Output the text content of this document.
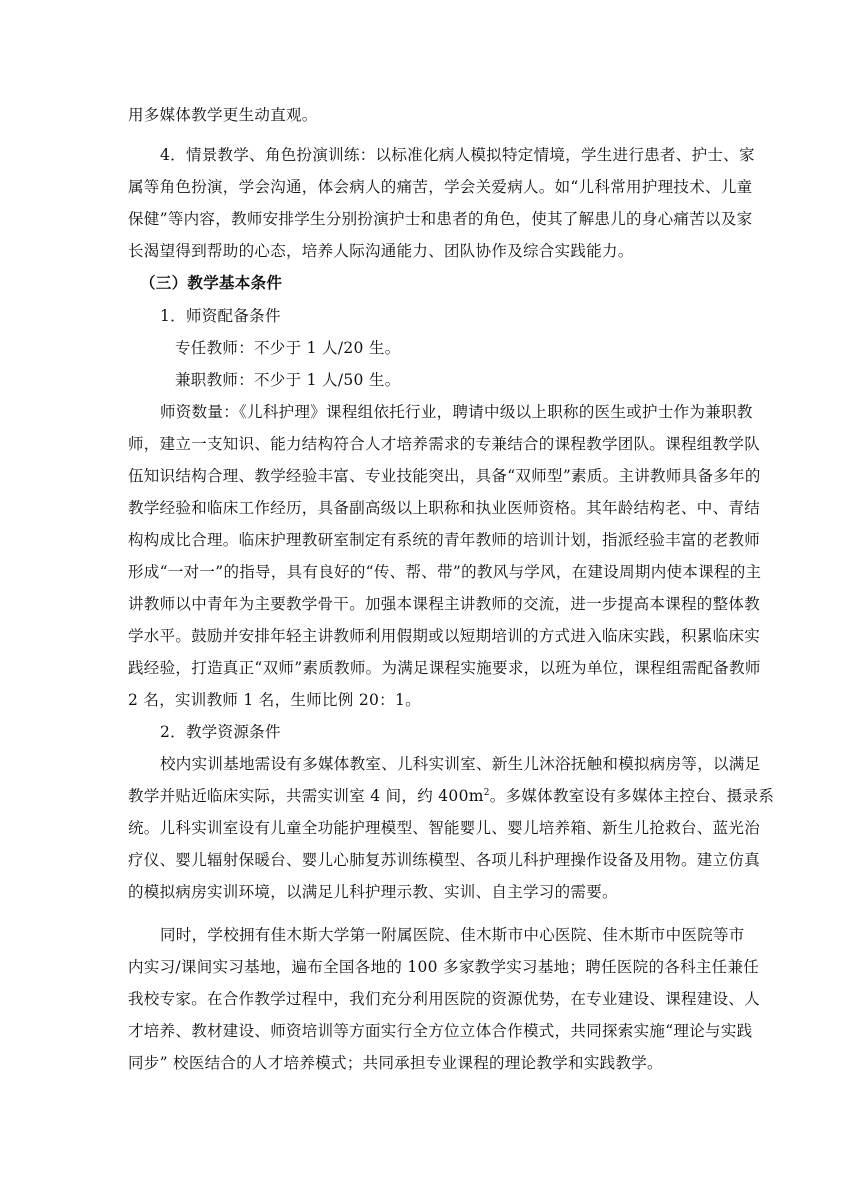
用多媒体教学更生动直观。
4．情景教学、角色扮演训练：以标准化病人模拟特定情境，学生进行患者、护士、家
属等角色扮演，学会沟通，体会病人的痛苦，学会关爱病人。如“儿科常用护理技术、儿童
保健”等内容，教师安排学生分别扮演护士和患者的角色，使其了解患儿的身心痛苦以及家
长渴望得到帮助的心态，培养人际沟通能力、团队协作及综合实践能力。
（三）教学基本条件
1．师资配备条件
专任教师：不少于 1 人/20 生。
兼职教师：不少于 1 人/50 生。
师资数量：《儿科护理》课程组依托行业，聘请中级以上职称的医生或护士作为兼职教
师，建立一支知识、能力结构符合人才培养需求的专兼结合的课程教学团队。课程组教学队
伍知识结构合理、教学经验丰富、专业技能突出，具备“双师型”素质。主讲教师具备多年的
教学经验和临床工作经历，具备副高级以上职称和执业医师资格。其年龄结构老、中、青结
构构成比合理。临床护理教研室制定有系统的青年教师的培训计划，指派经验丰富的老教师
形成“一对一”的指导，具有良好的“传、帮、带”的教风与学风，在建设周期内使本课程的主
讲教师以中青年为主要教学骨干。加强本课程主讲教师的交流，进一步提高本课程的整体教
学水平。鼓励并安排年轻主讲教师利用假期或以短期培训的方式进入临床实践，积累临床实
践经验，打造真正“双师”素质教师。为满足课程实施要求，以班为单位，课程组需配备教师
2 名，实训教师 1 名，生师比例 20：1。
2．教学资源条件
校内实训基地需设有多媒体教室、儿科实训室、新生儿沐浴抚触和模拟病房等，以满足
教学并贴近临床实际，共需实训室 4 间，约 $400m^2$。多媒体教室设有多媒体主控台、摄录系
统。儿科实训室设有儿童全功能护理模型、智能婴儿、婴儿培养箱、新生儿抢救台、蓝光治
疗仪、婴儿辐射保暖台、婴儿心肺复苏训练模型、各项儿科护理操作设备及用物。建立仿真
的模拟病房实训环境，以满足儿科护理示教、实训、自主学习的需要。
同时，学校拥有佳木斯大学第一附属医院、佳木斯市中心医院、佳木斯市中医院等市
内实习/课间实习基地，遍布全国各地的 100 多家教学实习基地；聘任医院的各科主任兼任
我校专家。在合作教学过程中，我们充分利用医院的资源优势，在专业建设、课程建设、人
才培养、教材建设、师资培训等方面实行全方位立体合作模式，共同探索实施“理论与实践
同步” 校医结合的人才培养模式；共同承担专业课程的理论教学和实践教学。
